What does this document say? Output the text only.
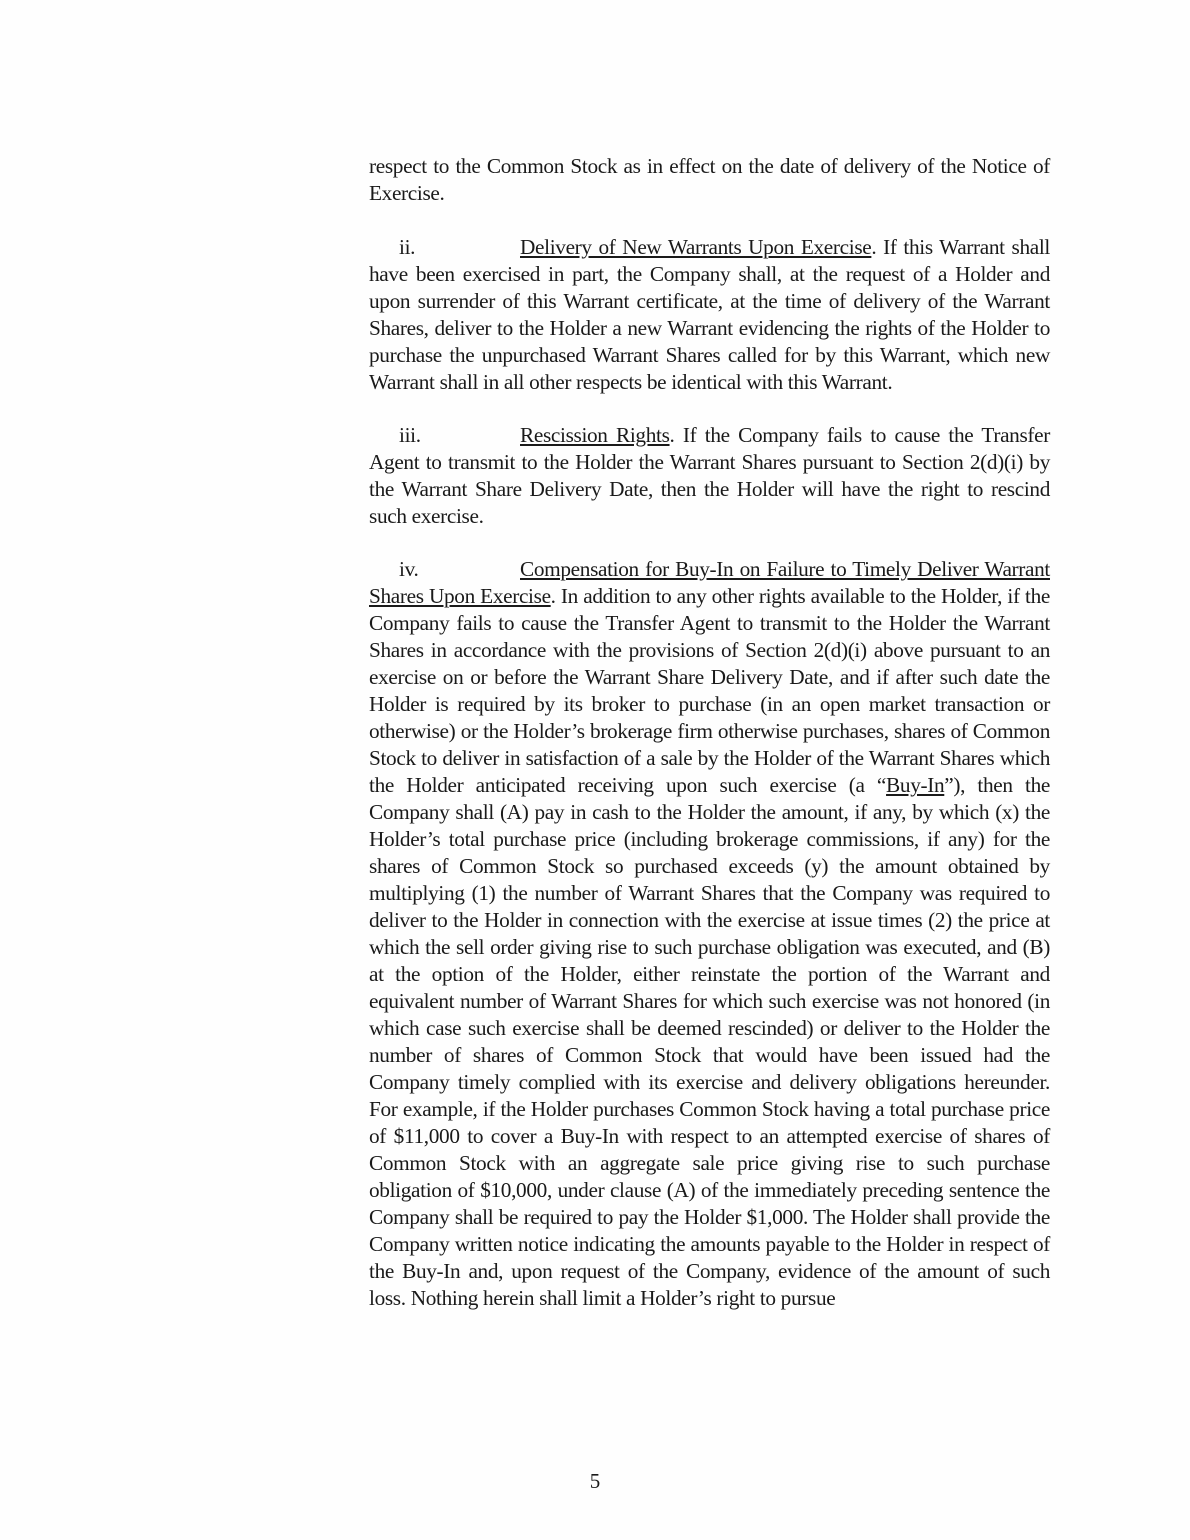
respect to the Common Stock as in effect on the date of delivery of the Notice of Exercise.

ii.	Delivery of New Warrants Upon Exercise. If this Warrant shall have been exercised in part, the Company shall, at the request of a Holder and upon surrender of this Warrant certificate, at the time of delivery of the Warrant Shares, deliver to the Holder a new Warrant evidencing the rights of the Holder to purchase the unpurchased Warrant Shares called for by this Warrant, which new Warrant shall in all other respects be identical with this Warrant.

iii.	Rescission Rights. If the Company fails to cause the Transfer Agent to transmit to the Holder the Warrant Shares pursuant to Section 2(d)(i) by the Warrant Share Delivery Date, then the Holder will have the right to rescind such exercise.

iv.	Compensation for Buy-In on Failure to Timely Deliver Warrant Shares Upon Exercise. In addition to any other rights available to the Holder, if the Company fails to cause the Transfer Agent to transmit to the Holder the Warrant Shares in accordance with the provisions of Section 2(d)(i) above pursuant to an exercise on or before the Warrant Share Delivery Date, and if after such date the Holder is required by its broker to purchase (in an open market transaction or otherwise) or the Holder’s brokerage firm otherwise purchases, shares of Common Stock to deliver in satisfaction of a sale by the Holder of the Warrant Shares which the Holder anticipated receiving upon such exercise (a “Buy-In”), then the Company shall (A) pay in cash to the Holder the amount, if any, by which (x) the Holder’s total purchase price (including brokerage commissions, if any) for the shares of Common Stock so purchased exceeds (y) the amount obtained by multiplying (1) the number of Warrant Shares that the Company was required to deliver to the Holder in connection with the exercise at issue times (2) the price at which the sell order giving rise to such purchase obligation was executed, and (B) at the option of the Holder, either reinstate the portion of the Warrant and equivalent number of Warrant Shares for which such exercise was not honored (in which case such exercise shall be deemed rescinded) or deliver to the Holder the number of shares of Common Stock that would have been issued had the Company timely complied with its exercise and delivery obligations hereunder. For example, if the Holder purchases Common Stock having a total purchase price of $11,000 to cover a Buy-In with respect to an attempted exercise of shares of Common Stock with an aggregate sale price giving rise to such purchase obligation of $10,000, under clause (A) of the immediately preceding sentence the Company shall be required to pay the Holder $1,000. The Holder shall provide the Company written notice indicating the amounts payable to the Holder in respect of the Buy-In and, upon request of the Company, evidence of the amount of such loss. Nothing herein shall limit a Holder’s right to pursue

5
